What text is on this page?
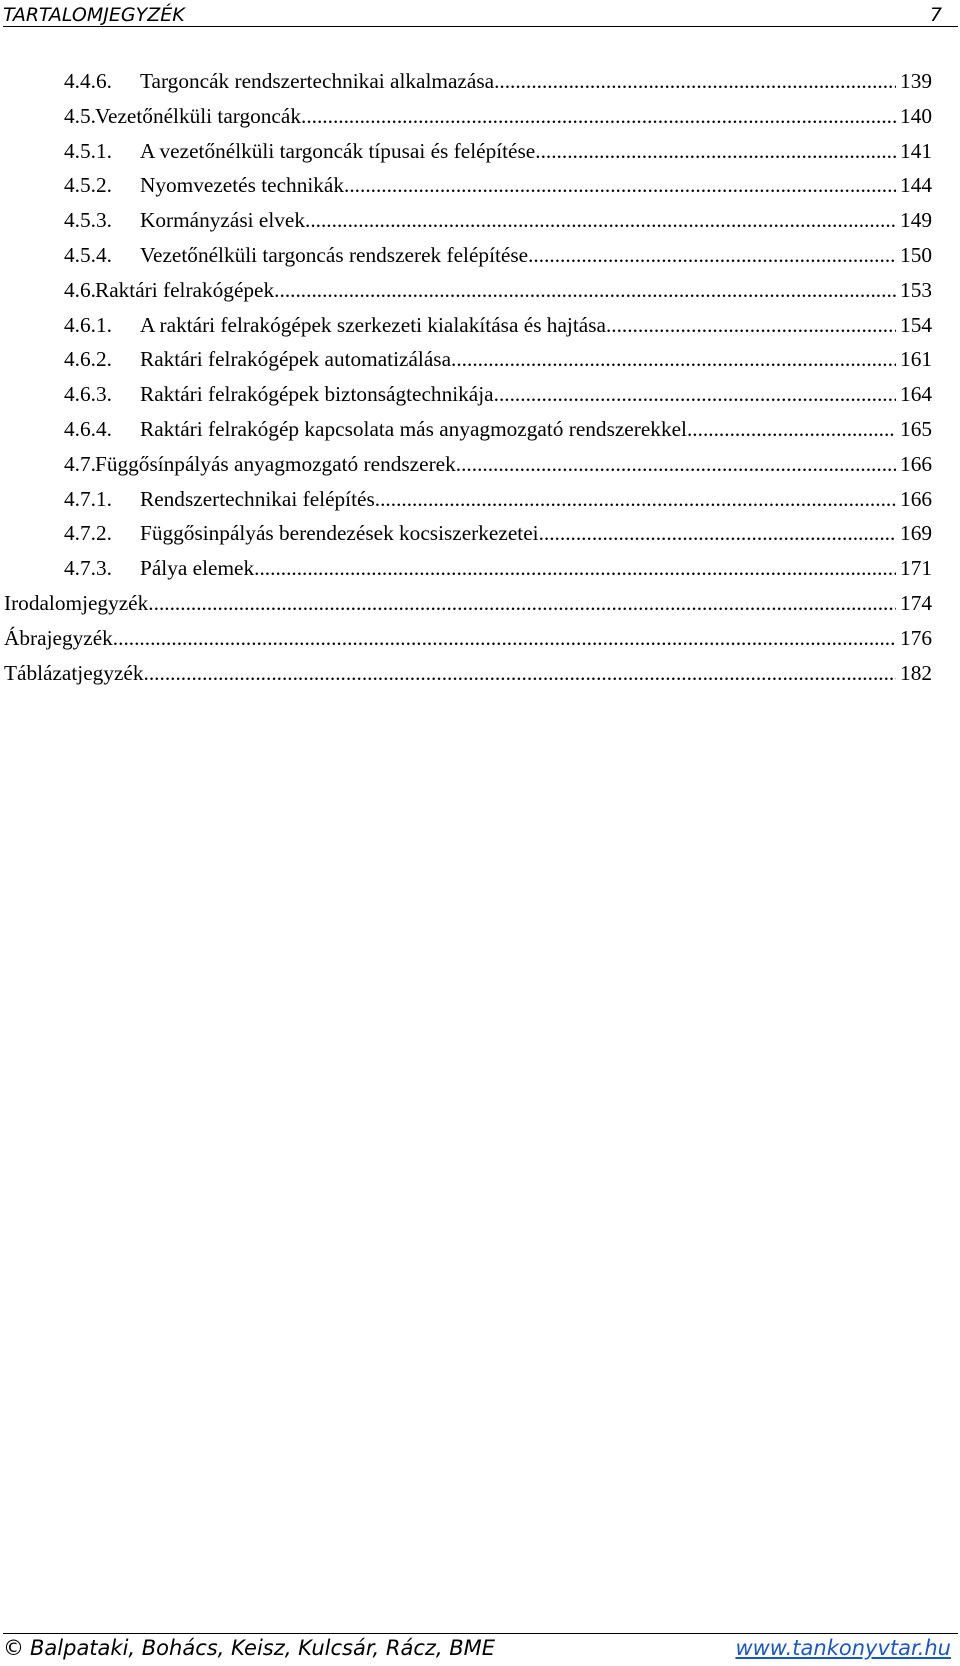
TARTALOMJEGYZÉK	7
4.4.6. Targoncák rendszertechnikai alkalmazása .....	139
4.5. Vezetőnélküli targoncák .....	140
4.5.1. A vezetőnélküli targoncák típusai és felépítése .....	141
4.5.2. Nyomvezetés technikák .....	144
4.5.3. Kormányzási elvek .....	149
4.5.4. Vezetőnélküli targoncás rendszerek felépítése .....	150
4.6. Raktári felrakógépek .....	153
4.6.1. A raktári felrakógépek szerkezeti kialakítása és hajtása .....	154
4.6.2. Raktári felrakógépek automatizálása .....	161
4.6.3. Raktári felrakógépek biztonságtechnikája .....	164
4.6.4. Raktári felrakógép kapcsolata más anyagmozgató rendszerekkel .....	165
4.7. Függősínpályás anyagmozgató rendszerek .....	166
4.7.1. Rendszertechnikai felépítés .....	166
4.7.2. Függősinpályás berendezések kocsiszerkezetei .....	169
4.7.3. Pálya elemek .....	171
Irodalomjegyzék .....	174
Ábrajegyzék .....	176
Táblázatjegyzék .....	182
© Balpataki, Bohács, Keisz, Kulcsár, Rácz, BME	www.tankonyvtar.hu
